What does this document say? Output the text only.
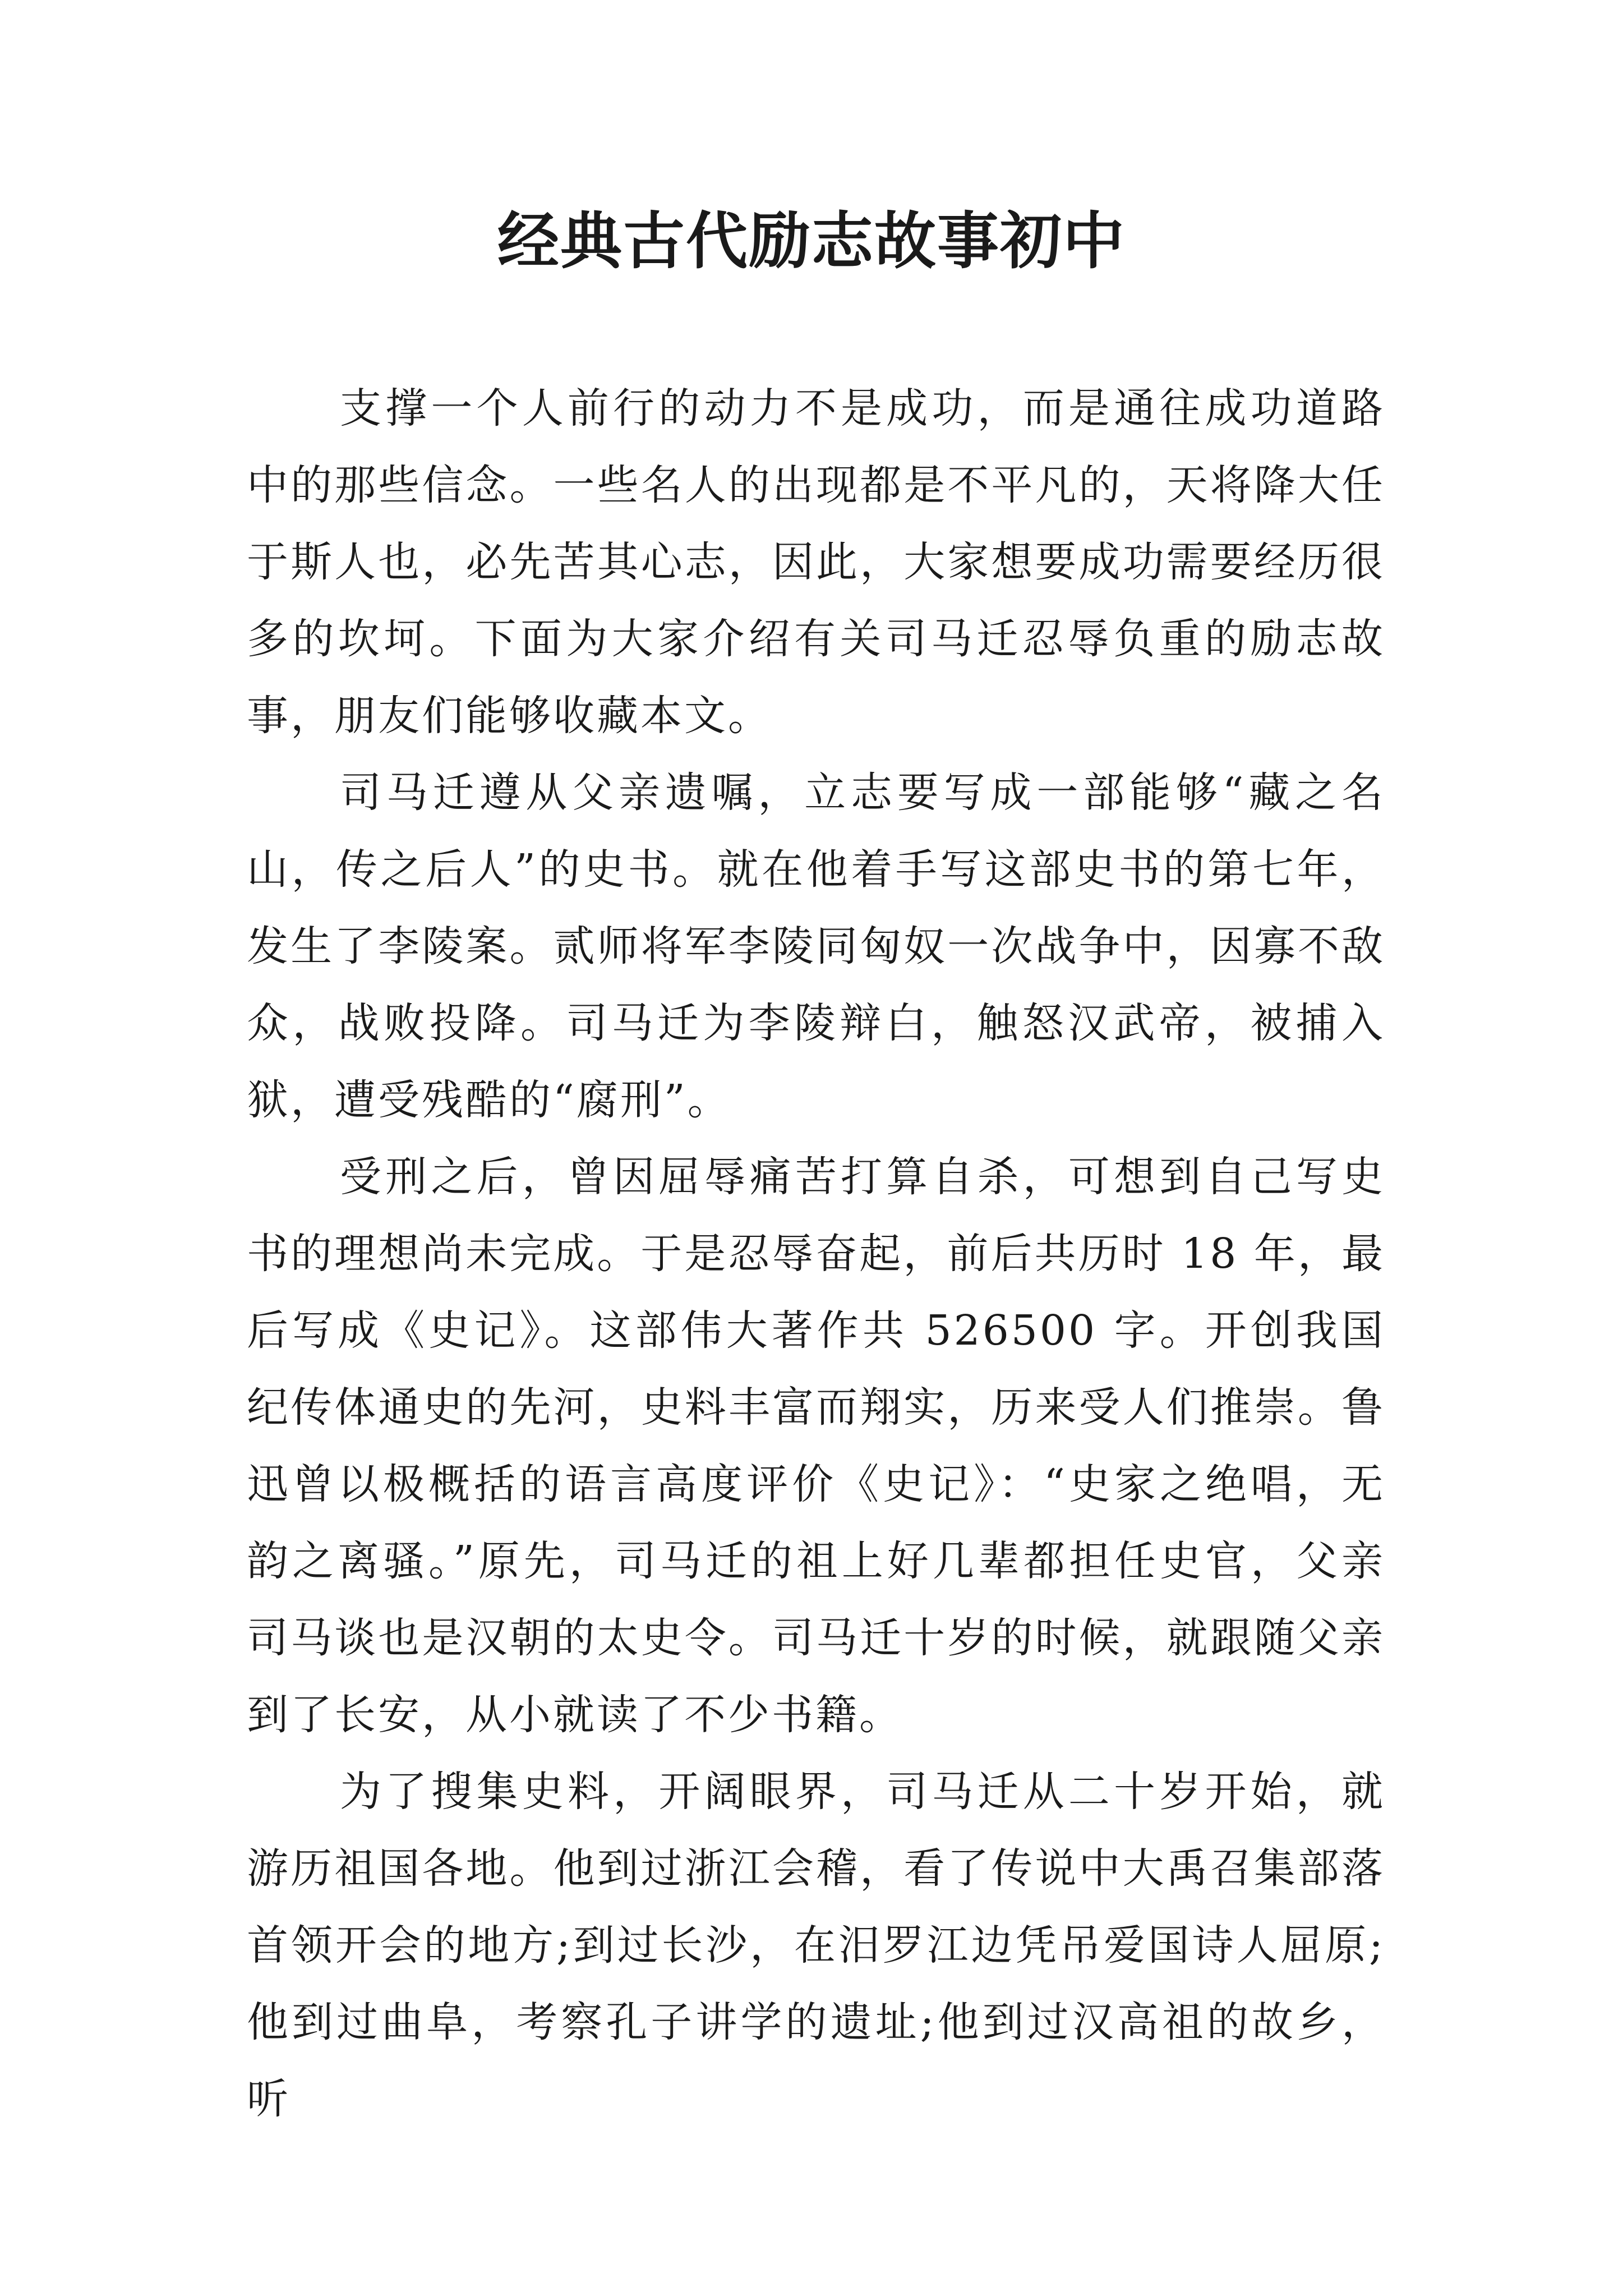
经典古代励志故事初中

支撑一个人前行的动力不是成功，而是通往成功道路中的那些信念。一些名人的出现都是不平凡的，天将降大任于斯人也，必先苦其心志，因此，大家想要成功需要经历很多的坎坷。下面为大家介绍有关司马迁忍辱负重的励志故事，朋友们能够收藏本文。

司马迁遵从父亲遗嘱，立志要写成一部能够“藏之名山，传之后人”的史书。就在他着手写这部史书的第七年，发生了李陵案。贰师将军李陵同匈奴一次战争中，因寡不敌众，战败投降。司马迁为李陵辩白，触怒汉武帝，被捕入狱，遭受残酷的“腐刑”。

受刑之后，曾因屈辱痛苦打算自杀，可想到自己写史书的理想尚未完成。于是忍辱奋起，前后共历时 18 年，最后写成《史记》。这部伟大著作共 526500 字。开创我国纪传体通史的先河，史料丰富而翔实，历来受人们推崇。鲁迅曾以极概括的语言高度评价《史记》：“史家之绝唱，无韵之离骚。”原先，司马迁的祖上好几辈都担任史官，父亲司马谈也是汉朝的太史令。司马迁十岁的时候，就跟随父亲到了长安，从小就读了不少书籍。

为了搜集史料，开阔眼界，司马迁从二十岁开始，就游历祖国各地。他到过浙江会稽，看了传说中大禹召集部落首领开会的地方;到过长沙，在汨罗江边凭吊爱国诗人屈原;他到过曲阜，考察孔子讲学的遗址;他到过汉高祖的故乡，听
